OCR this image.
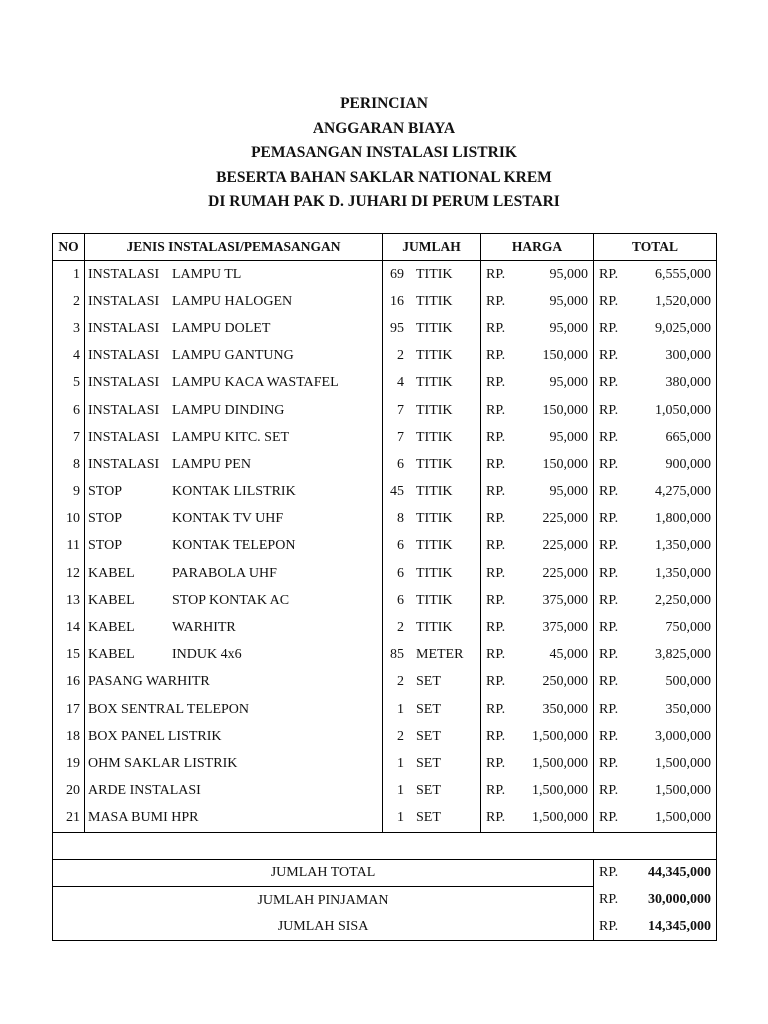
PERINCIAN
ANGGARAN BIAYA
PEMASANGAN INSTALASI LISTRIK
BESERTA BAHAN SAKLAR NATIONAL KREM
DI RUMAH PAK D. JUHARI DI PERUM LESTARI
NO	JENIS INSTALASI/PEMASANGAN	JUMLAH	HARGA	TOTAL
1	INSTALASI LAMPU TL	69 TITIK	RP. 95,000	RP. 6,555,000

2	INSTALASI LAMPU HALOGEN	16 TITIK	RP. 95,000	RP. 1,520,000

3	INSTALASI LAMPU DOLET	95 TITIK	RP. 95,000	RP. 9,025,000

4	INSTALASI LAMPU GANTUNG	2 TITIK	RP. 150,000	RP. 300,000

5	INSTALASI LAMPU KACA WASTAFEL	4 TITIK	RP. 95,000	RP. 380,000

6	INSTALASI LAMPU DINDING	7 TITIK	RP. 150,000	RP. 1,050,000

7	INSTALASI LAMPU KITC. SET	7 TITIK	RP. 95,000	RP. 665,000

8	INSTALASI LAMPU PEN	6 TITIK	RP. 150,000	RP. 900,000

9	STOP KONTAK LILSTRIK	45 TITIK	RP. 95,000	RP. 4,275,000

10	STOP KONTAK TV UHF	8 TITIK	RP. 225,000	RP. 1,800,000

11	STOP KONTAK TELEPON	6 TITIK	RP. 225,000	RP. 1,350,000

12	KABEL PARABOLA UHF	6 TITIK	RP. 225,000	RP. 1,350,000

13	KABEL STOP KONTAK AC	6 TITIK	RP. 375,000	RP. 2,250,000

14	KABEL WARHITR	2 TITIK	RP. 375,000	RP. 750,000

15	KABEL INDUK 4x6	85 METER	RP. 45,000	RP. 3,825,000

16	PASANG WARHITR	2 SET	RP. 250,000	RP. 500,000

17	BOX SENTRAL TELEPON	1 SET	RP. 350,000	RP. 350,000

18	BOX PANEL LISTRIK	2 SET	RP. 1,500,000	RP. 3,000,000

19	OHM SAKLAR LISTRIK	1 SET	RP. 1,500,000	RP. 1,500,000

20	ARDE INSTALASI	1 SET	RP. 1,500,000	RP. 1,500,000

21	MASA BUMI HPR	1 SET	RP. 1,500,000	RP. 1,500,000

JUMLAH TOTAL				RP. 44,345,000

JUMLAH PINJAMAN				RP. 30,000,000

JUMLAH SISA				RP. 14,345,000
